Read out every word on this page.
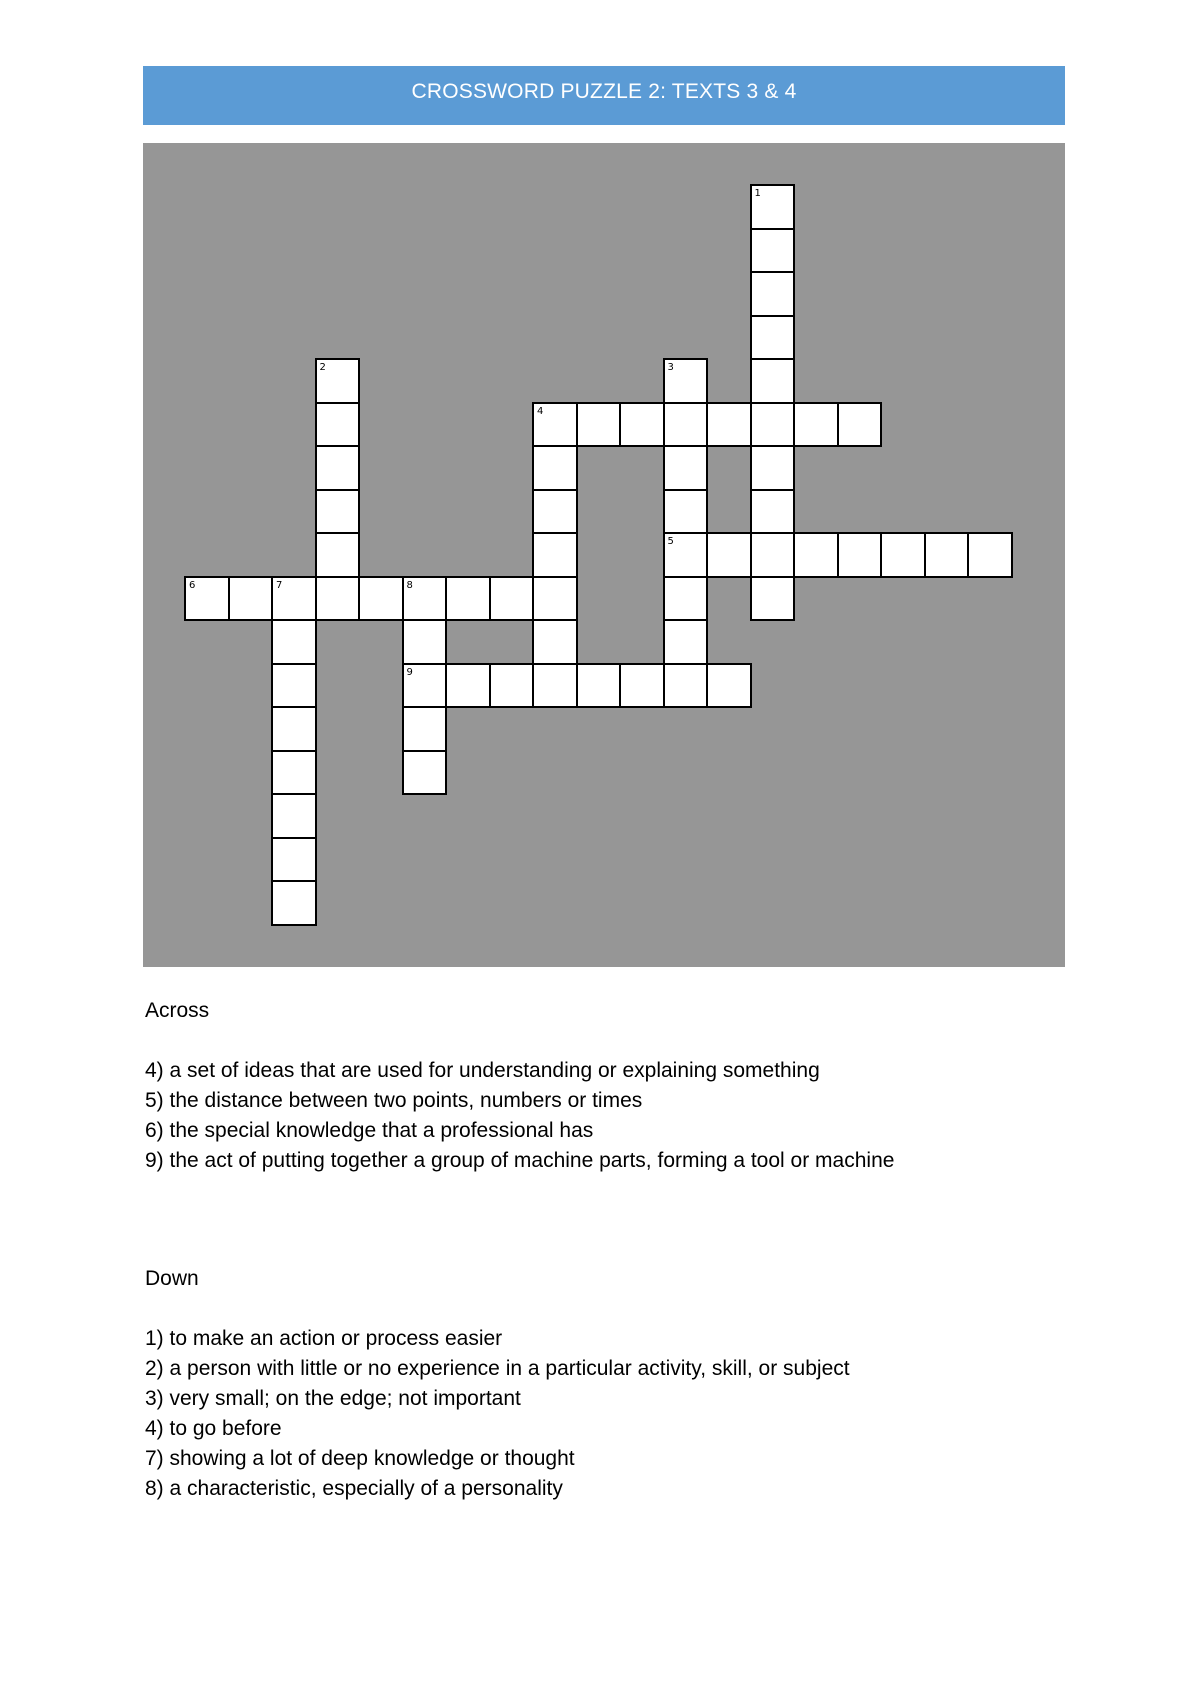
CROSSWORD PUZZLE 2: TEXTS 3 & 4
1
2	3
5
4
6	7	8
9

Across

4) a set of ideas that are used for understanding or explaining something

5) the distance between two points, numbers or times

6) the special knowledge that a professional has

9) the act of putting together a group of machine parts, forming a tool or machine

Down

1) to make an action or process easier

2) a person with little or no experience in a particular activity, skill, or subject

3) very small; on the edge; not important

4) to go before

7) showing a lot of deep knowledge or thought

8) a characteristic, especially of a personality
